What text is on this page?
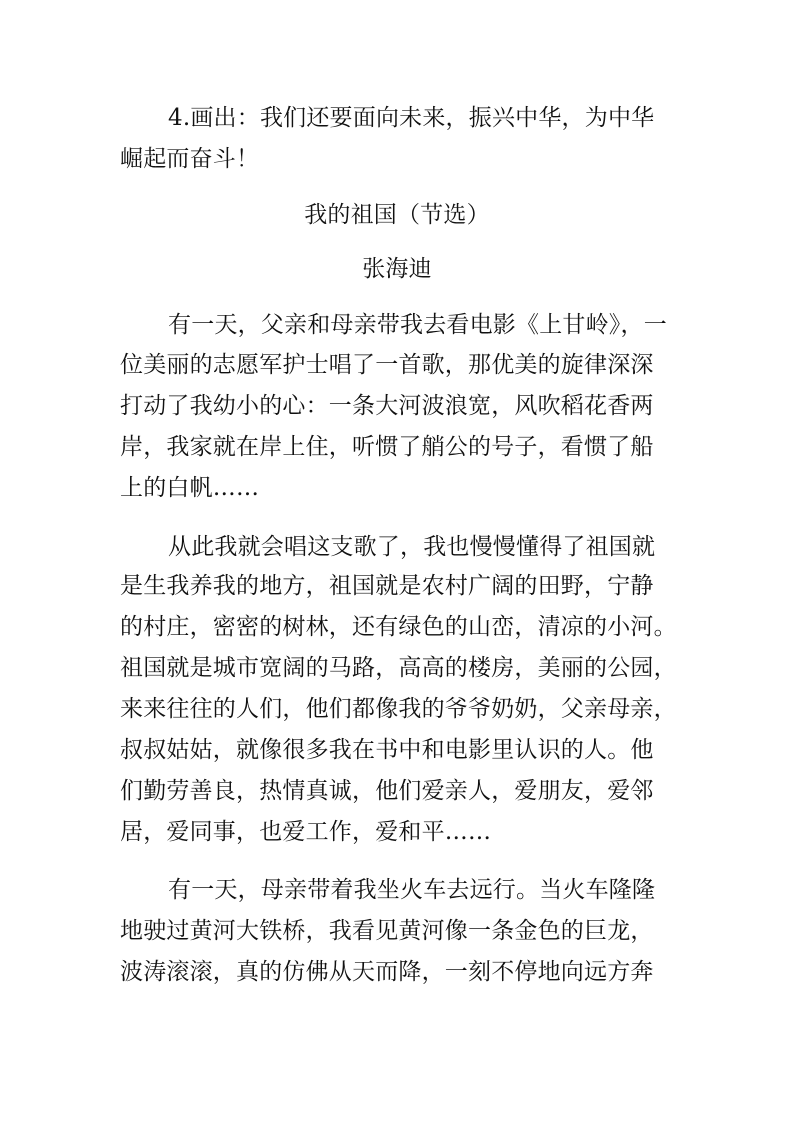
4.画出：我们还要面向未来，振兴中华，为中华
崛起而奋斗！
我的祖国（节选）
张海迪
有一天，父亲和母亲带我去看电影《上甘岭》，一
位美丽的志愿军护士唱了一首歌，那优美的旋律深深
打动了我幼小的心：一条大河波浪宽，风吹稻花香两
岸，我家就在岸上住，听惯了艄公的号子，看惯了船
上的白帆……
从此我就会唱这支歌了，我也慢慢懂得了祖国就
是生我养我的地方，祖国就是农村广阔的田野，宁静
的村庄，密密的树林，还有绿色的山峦，清凉的小河。
祖国就是城市宽阔的马路，高高的楼房，美丽的公园，
来来往往的人们，他们都像我的爷爷奶奶，父亲母亲，
叔叔姑姑，就像很多我在书中和电影里认识的人。他
们勤劳善良，热情真诚，他们爱亲人，爱朋友，爱邻
居，爱同事，也爱工作，爱和平……
有一天，母亲带着我坐火车去远行。当火车隆隆
地驶过黄河大铁桥，我看见黄河像一条金色的巨龙，
波涛滚滚，真的仿佛从天而降，一刻不停地向远方奔
